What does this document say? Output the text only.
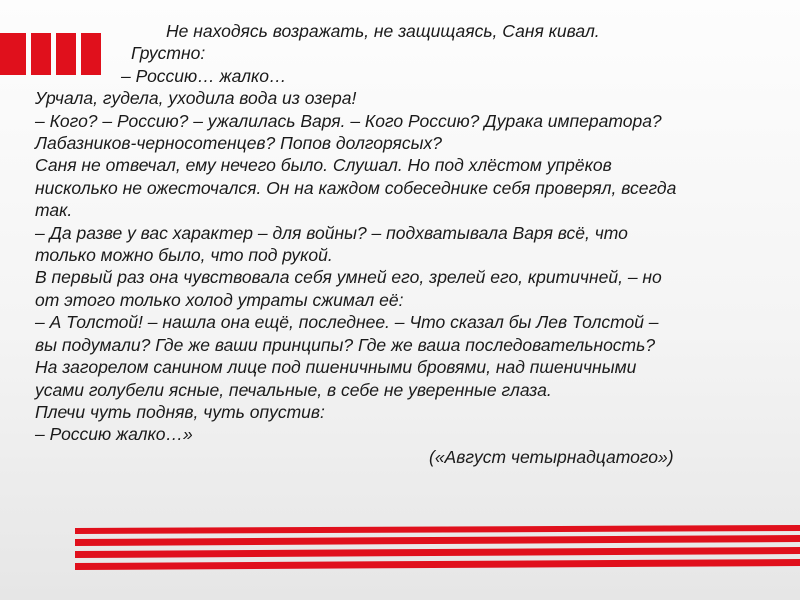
Не находясь возражать, не защищаясь, Саня кивал.
Грустно:
– Россию… жалко…
Урчала, гудела, уходила вода из озера!
– Кого? – Россию? – ужалилась Варя. – Кого Россию? Дурака императора?
Лабазников-черносотенцев? Попов долгорясых?
Саня не отвечал, ему нечего было. Слушал. Но под хлёстом упрёков
нисколько не ожесточался. Он на каждом собеседнике себя проверял, всегда
так.
– Да разве у вас характер – для войны? – подхватывала Варя всё, что
только можно было, что под рукой.
В первый раз она чувствовала себя умней его, зрелей его, критичней, – но
от этого только холод утраты сжимал её:
– А Толстой! – нашла она ещё, последнее. – Что сказал бы Лев Толстой –
вы подумали? Где же ваши принципы? Где же ваша последовательность?
На загорелом санином лице под пшеничными бровями, над пшеничными
усами голубели ясные, печальные, в себе не уверенные глаза.
Плечи чуть подняв, чуть опустив:
– Россию жалко…»
(«Август четырнадцатого»)
